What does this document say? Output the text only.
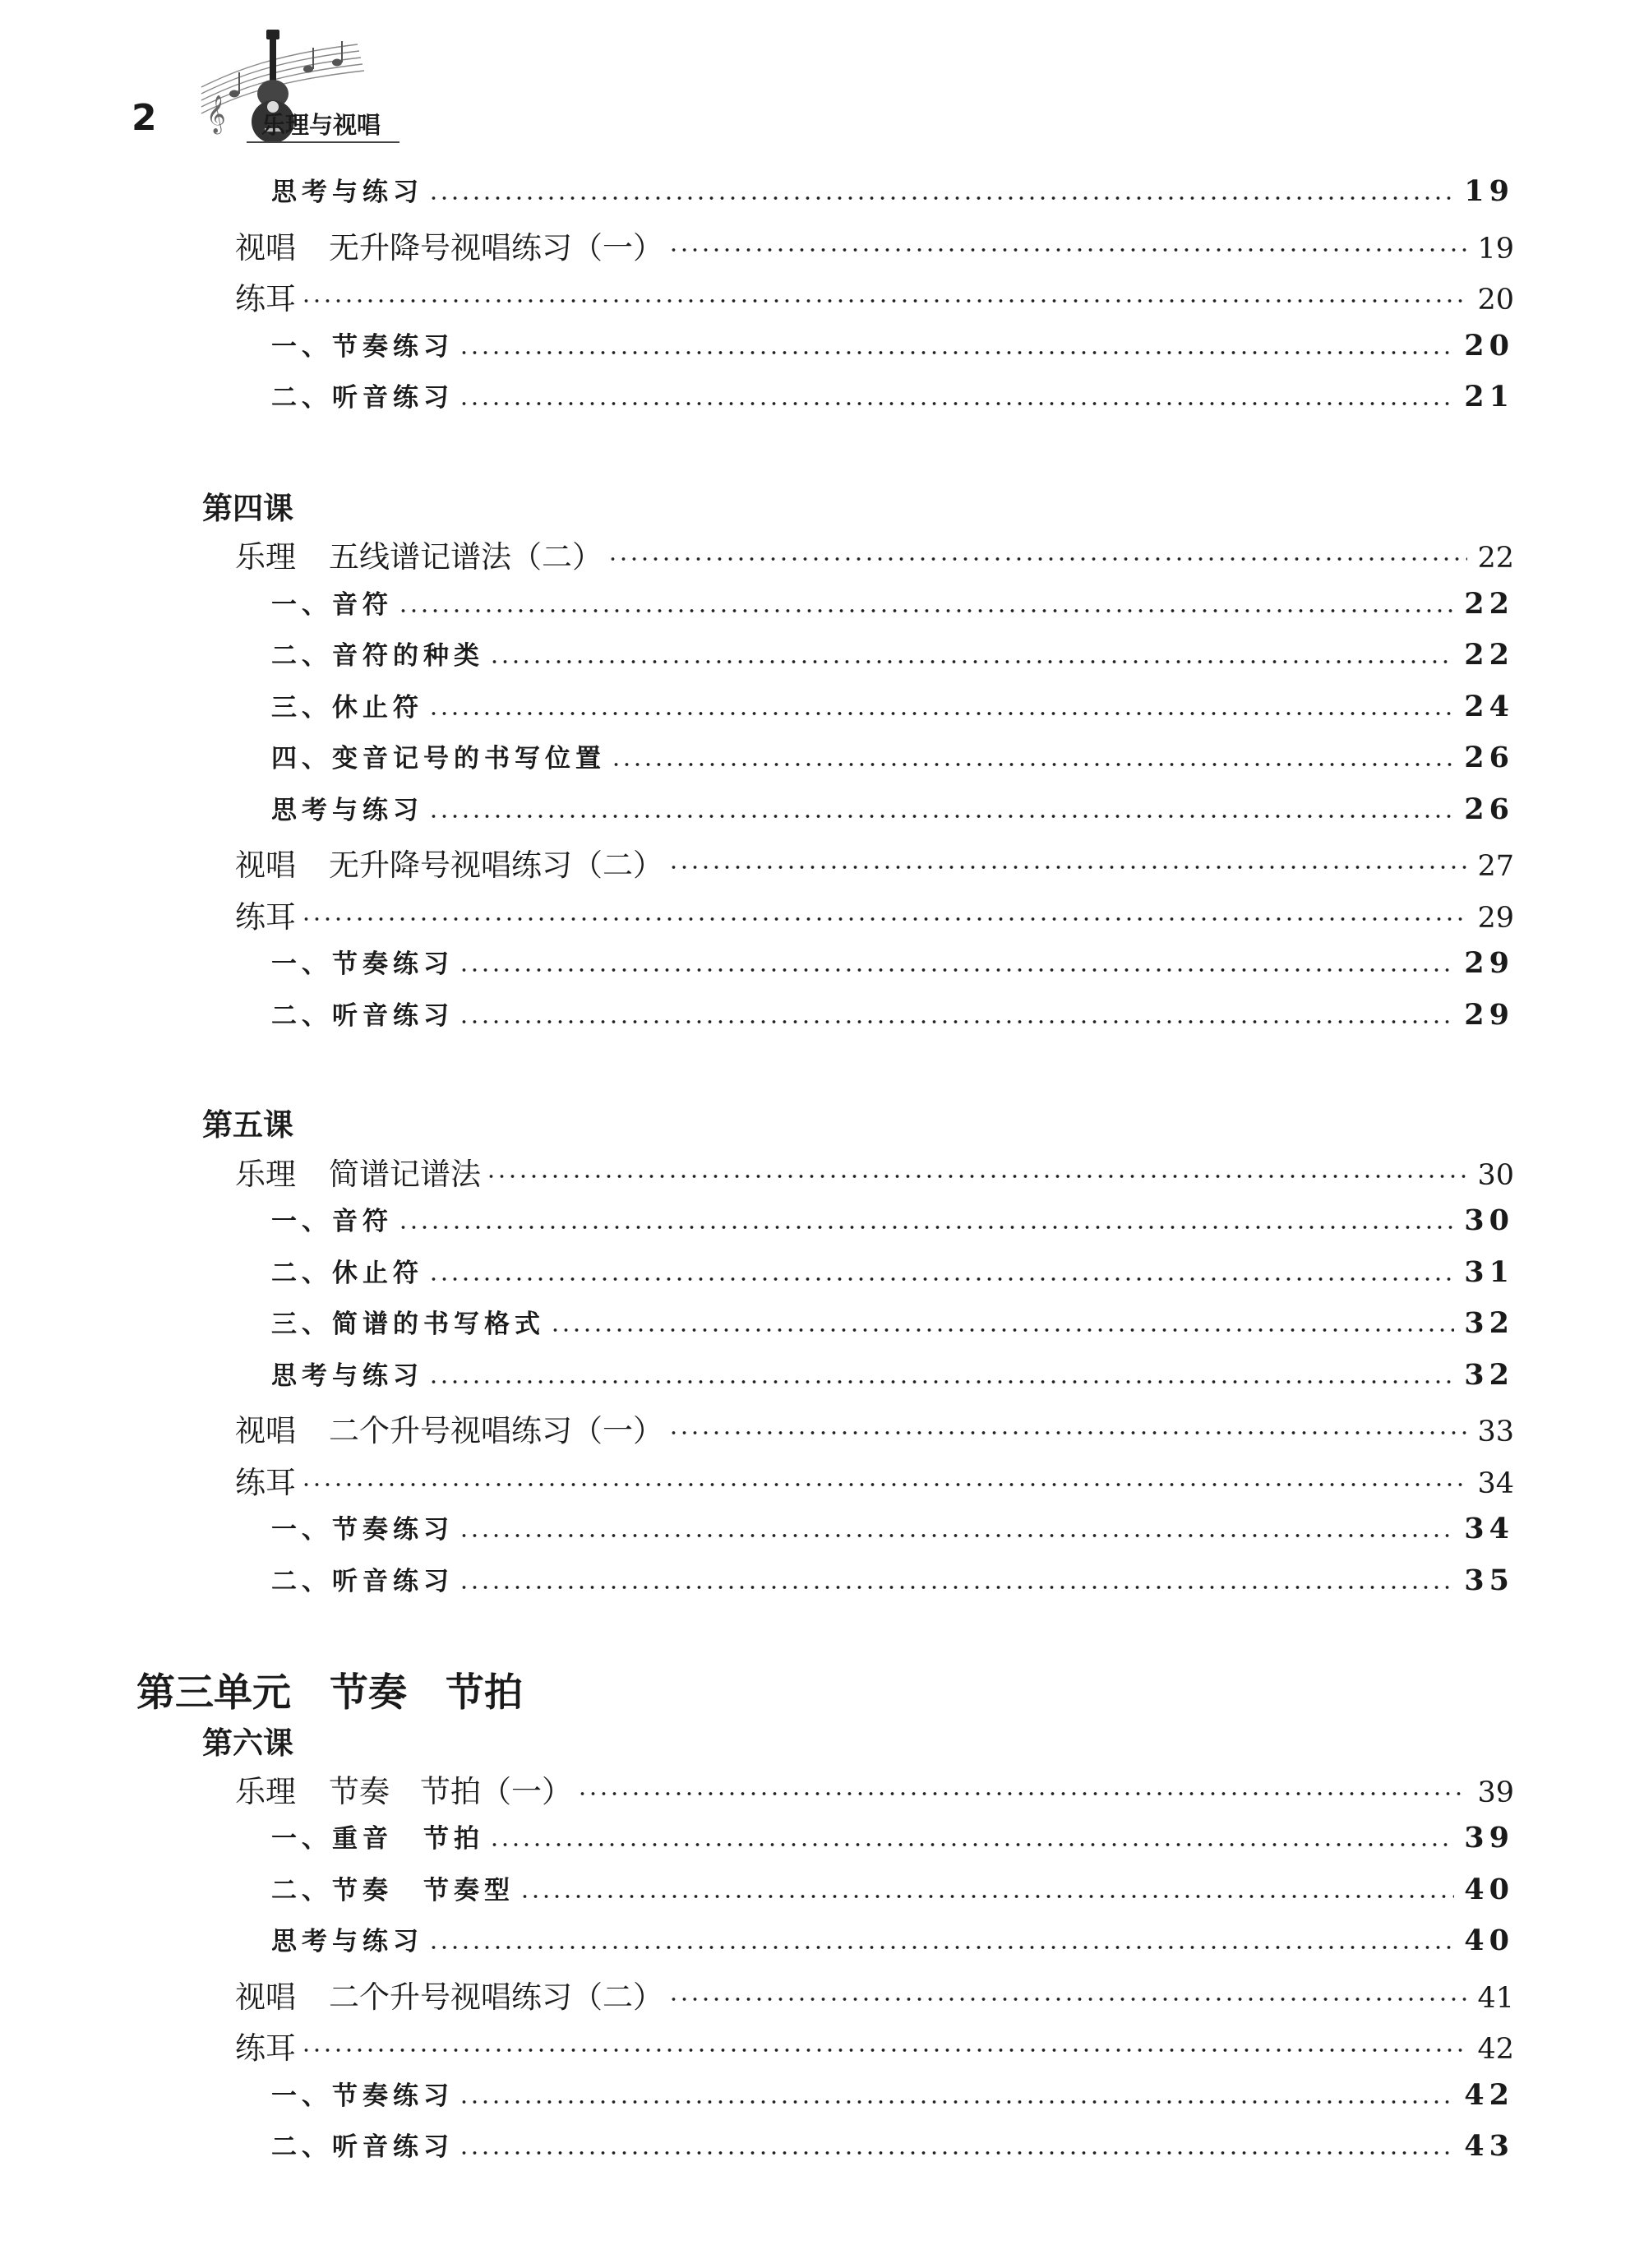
2 𝄞 乐理与视唱
思考与练习	19
视唱 无升降号视唱练习（一）	19
练耳	20
一、节奏练习	20
二、听音练习	21
第四课
乐理 五线谱记谱法（二）	22
一、音符	22
二、音符的种类	22
三、休止符	24
四、变音记号的书写位置	26
思考与练习	26
视唱 无升降号视唱练习（二）	27
练耳	29
一、节奏练习	29
二、听音练习	29
第五课
乐理 简谱记谱法	30
一、音符	30
二、休止符	31
三、简谱的书写格式	32
思考与练习	32
视唱 二个升号视唱练习（一）	33
练耳	34
一、节奏练习	34
二、听音练习	35
第三单元　节奏　节拍
第六课
乐理 节奏　节拍（一）	39
一、重音　节拍	39
二、节奏　节奏型	40
思考与练习	40
视唱 二个升号视唱练习（二）	41
练耳	42
一、节奏练习	42
二、听音练习	43
